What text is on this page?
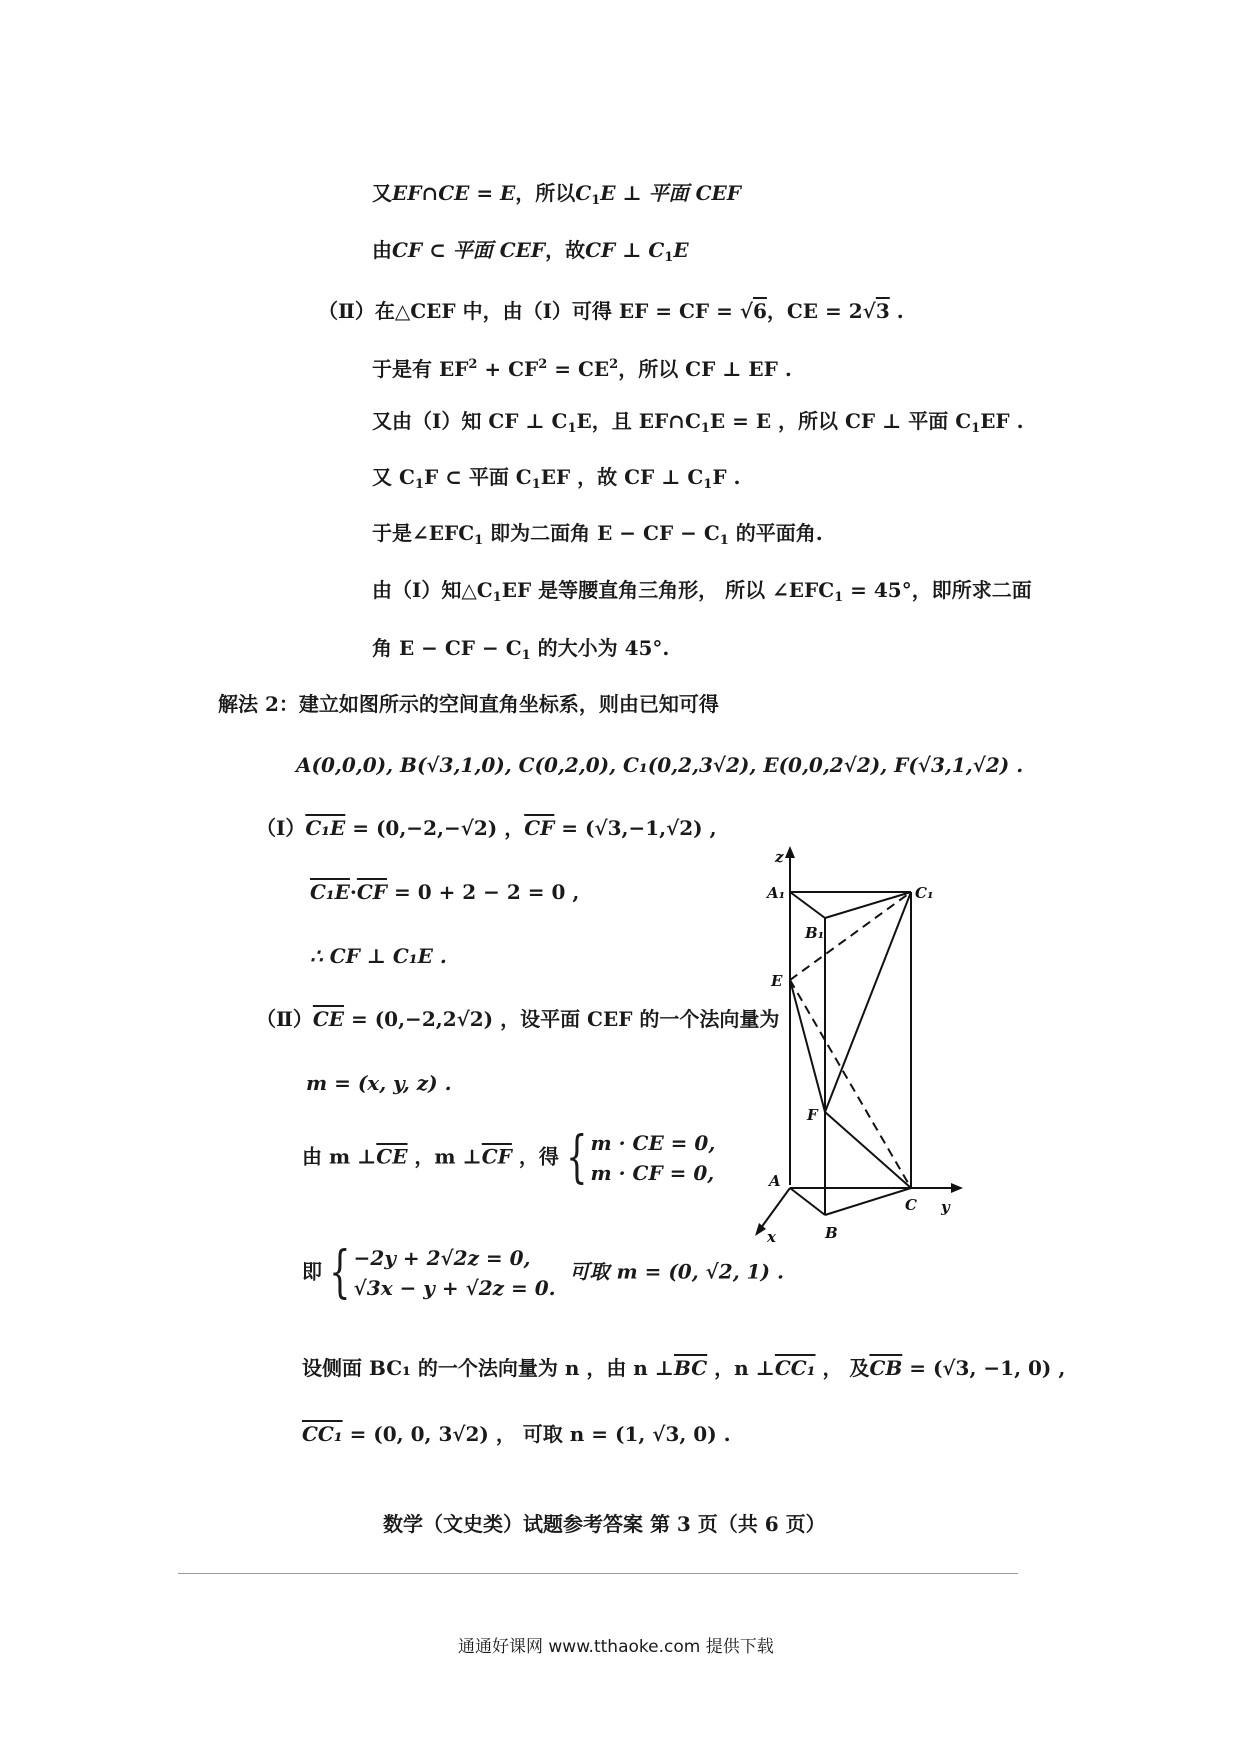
又EF∩CE = E，所以$C_1E$ ⊥ 平面 CEF
由CF ⊂ 平面 CEF，故CF ⊥ $C_1E$
（Ⅱ）在△CEF 中，由（Ⅰ）可得 EF = CF = √6，CE = 2√3 .
于是有 $EF^2 + CF^2 = CE^2$，所以 CF ⊥ EF .
又由（Ⅰ）知 CF ⊥ $C_1E$，且 $EF\cap C_1E = E$ ，所以 CF ⊥ 平面 $C_1EF$ .
又 $C_1F$ ⊂ 平面 $C_1EF$ ，故 CF ⊥ $C_1F$ .
于是$\angle EFC_1$ 即为二面角 E − CF − $C_1$ 的平面角.
由（Ⅰ）知$\triangle C_1EF$ 是等腰直角三角形， 所以 $\angle EFC_1 = 45^\circ$，即所求二面
角 E − CF − $C_1$ 的大小为 45°.
解法 2：建立如图所示的空间直角坐标系，则由已知可得
A(0,0,0), B(√3,1,0), C(0,2,0), C₁(0,2,3√2), E(0,0,2√2), F(√3,1,√2) .
（Ⅰ）C₁E = (0,−2,−√2) ，$\overline{CF} = (√3,-1,√2)$ ,
$C_1E\cdot\overline{CF} = 0 + 2 - 2 = 0$ ,
∴ CF ⊥ C₁E .
$(Ⅱ)\overline{CE} = (0,-2,2√2)$ ，设平面 CEF 的一个法向量为
m = (x, y, z) .
由 m $\perp\overline{CE}$ ，m $\perp\overline{CF}$ ，得 { m · CE = 0,
m · CF = 0,
即 { −2y + 2√2z = 0,
√3x − y + √2z = 0.  可取 m = (0, √2, 1) .
设侧面 BC₁ 的一个法向量为 n ，由 n $\perp\overline{BC}$ ，n ⊥CC₁ ， 及$\overline{CB} = (√3$, −1, 0) ,
CC₁ = (0, 0, 3√2) ， 可取 n = (1, √3, 0) .
z
A₁	C₁
B₁
E
F
A
C y
x	B
数学（文史类）试题参考答案 第 3 页（共 6 页）
通通好课网 www.tthaoke.com 提供下载
